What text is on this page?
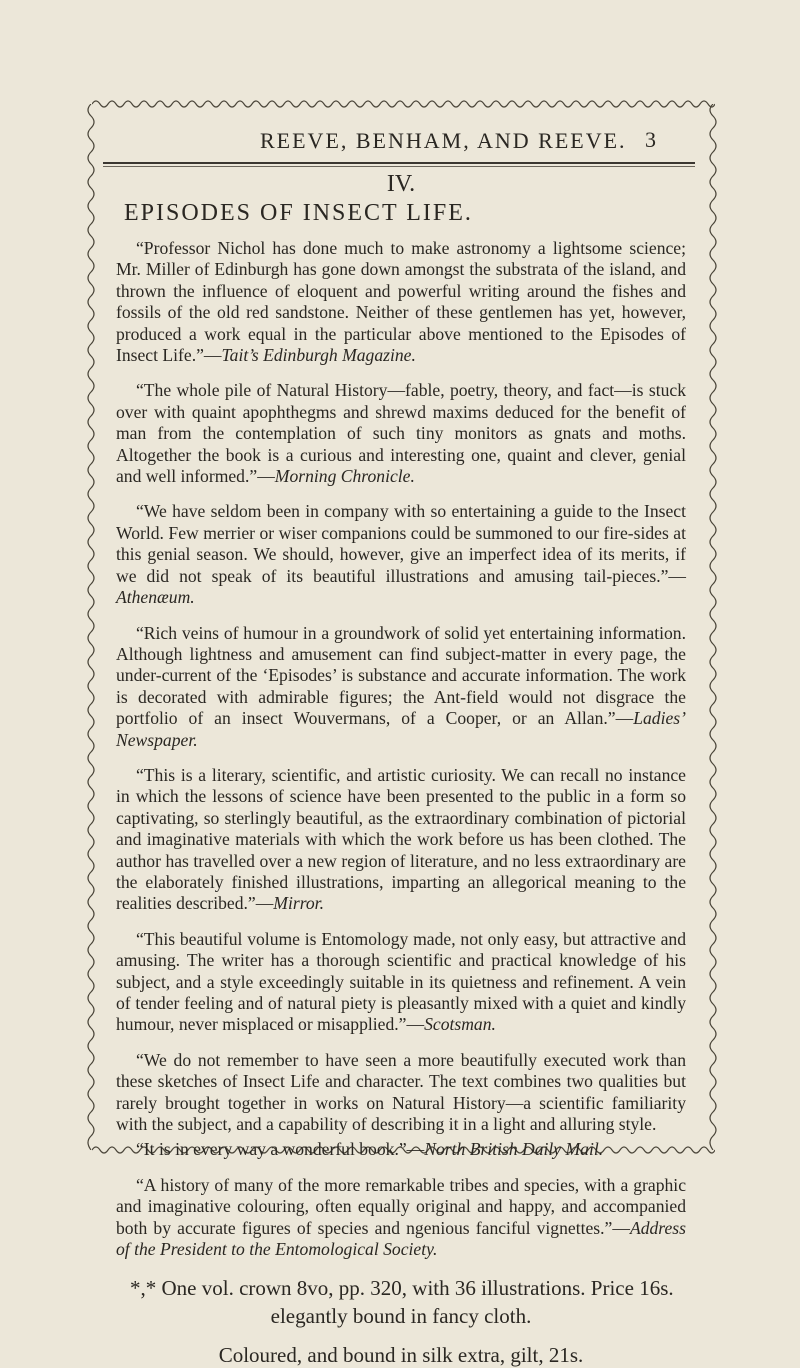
REEVE, BENHAM, AND REEVE. 3
IV.
EPISODES OF INSECT LIFE.

“Professor Nichol has done much to make astronomy a lightsome science; Mr. Miller of Edinburgh has gone down amongst the substrata of the island, and thrown the influence of eloquent and powerful writing around the fishes and fossils of the old red sandstone. Neither of these gentlemen has yet, however, produced a work equal in the particular above mentioned to the Episodes of Insect Life.”—Tait’s Edinburgh Magazine.

“The whole pile of Natural History—fable, poetry, theory, and fact—is stuck over with quaint apophthegms and shrewd maxims deduced for the benefit of man from the contemplation of such tiny monitors as gnats and moths. Altogether the book is a curious and interesting one, quaint and clever, genial and well informed.”—Morning Chronicle.

“We have seldom been in company with so entertaining a guide to the Insect World. Few merrier or wiser companions could be summoned to our fire-sides at this genial season. We should, however, give an imperfect idea of its merits, if we did not speak of its beautiful illustrations and amusing tail-pieces.”—Athenæum.

“Rich veins of humour in a groundwork of solid yet entertaining information. Although lightness and amusement can find subject-matter in every page, the under-current of the ‘Episodes’ is substance and accurate information. The work is decorated with admirable figures; the Ant-field would not disgrace the portfolio of an insect Wouvermans, of a Cooper, or an Allan.”—Ladies’ Newspaper.

“This is a literary, scientific, and artistic curiosity. We can recall no instance in which the lessons of science have been presented to the public in a form so captivating, so sterlingly beautiful, as the extraordinary combination of pictorial and imaginative materials with which the work before us has been clothed. The author has travelled over a new region of literature, and no less extraordinary are the elaborately finished illustrations, imparting an allegorical meaning to the realities described.”—Mirror.

“This beautiful volume is Entomology made, not only easy, but attractive and amusing. The writer has a thorough scientific and practical knowledge of his subject, and a style exceedingly suitable in its quietness and refinement. A vein of tender feeling and of natural piety is pleasantly mixed with a quiet and kindly humour, never misplaced or misapplied.”—Scotsman.

“We do not remember to have seen a more beautifully executed work than these sketches of Insect Life and character. The text combines two qualities but rarely brought together in works on Natural History—a scientific familiarity with the subject, and a capability of describing it in a light and alluring style.

“It is in every way a wonderful book.”—North British Daily Mail.

“A history of many of the more remarkable tribes and species, with a graphic and imaginative colouring, often equally original and happy, and accompanied both by accurate figures of species and ngenious fanciful vignettes.”—Address of the President to the Entomological Society.

*,* One vol. crown 8vo, pp. 320, with 36 illustrations. Price 16s.
elegantly bound in fancy cloth.
Coloured, and bound in silk extra, gilt, 21s.
